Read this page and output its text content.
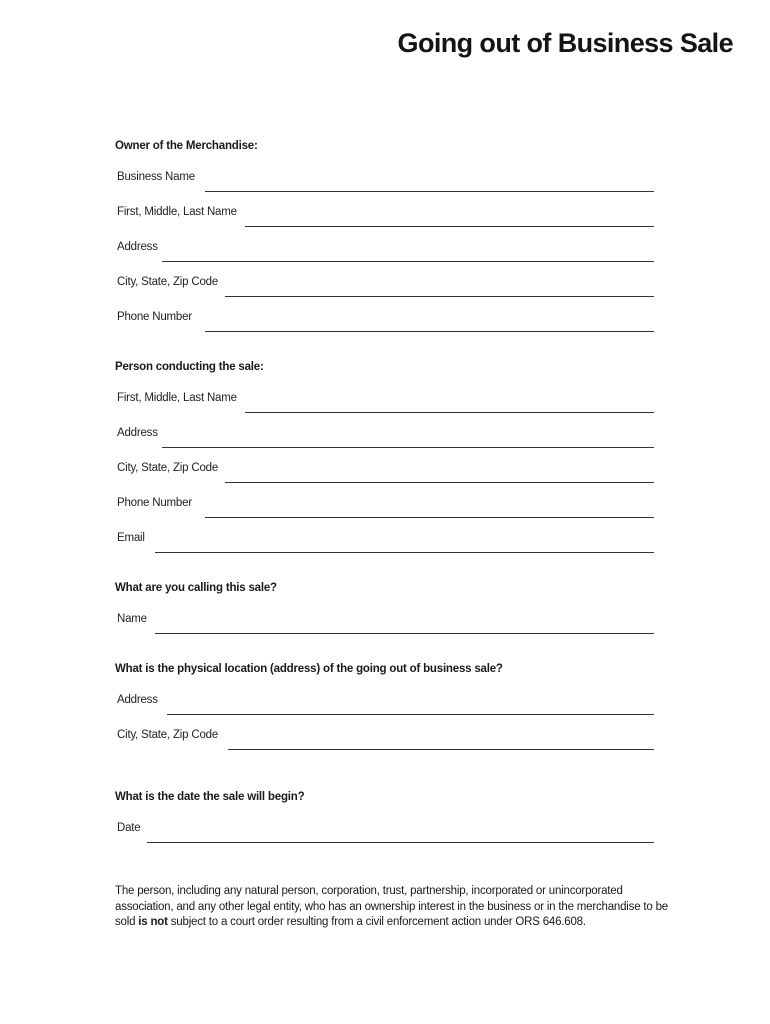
Going out of Business Sale
Owner of the Merchandise:
Business Name
First, Middle, Last Name
Address
City, State, Zip Code
Phone Number
Person conducting the sale:
First, Middle, Last Name
Address
City, State, Zip Code
Phone Number
Email
What are you calling this sale?
Name
What is the physical location (address) of the going out of business sale?
Address
City, State, Zip Code
What is the date the sale will begin?
Date
The person, including any natural person, corporation, trust, partnership, incorporated or unincorporated association, and any other legal entity, who has an ownership interest in the business or in the merchandise to be sold is not subject to a court order resulting from a civil enforcement action under ORS 646.608.
